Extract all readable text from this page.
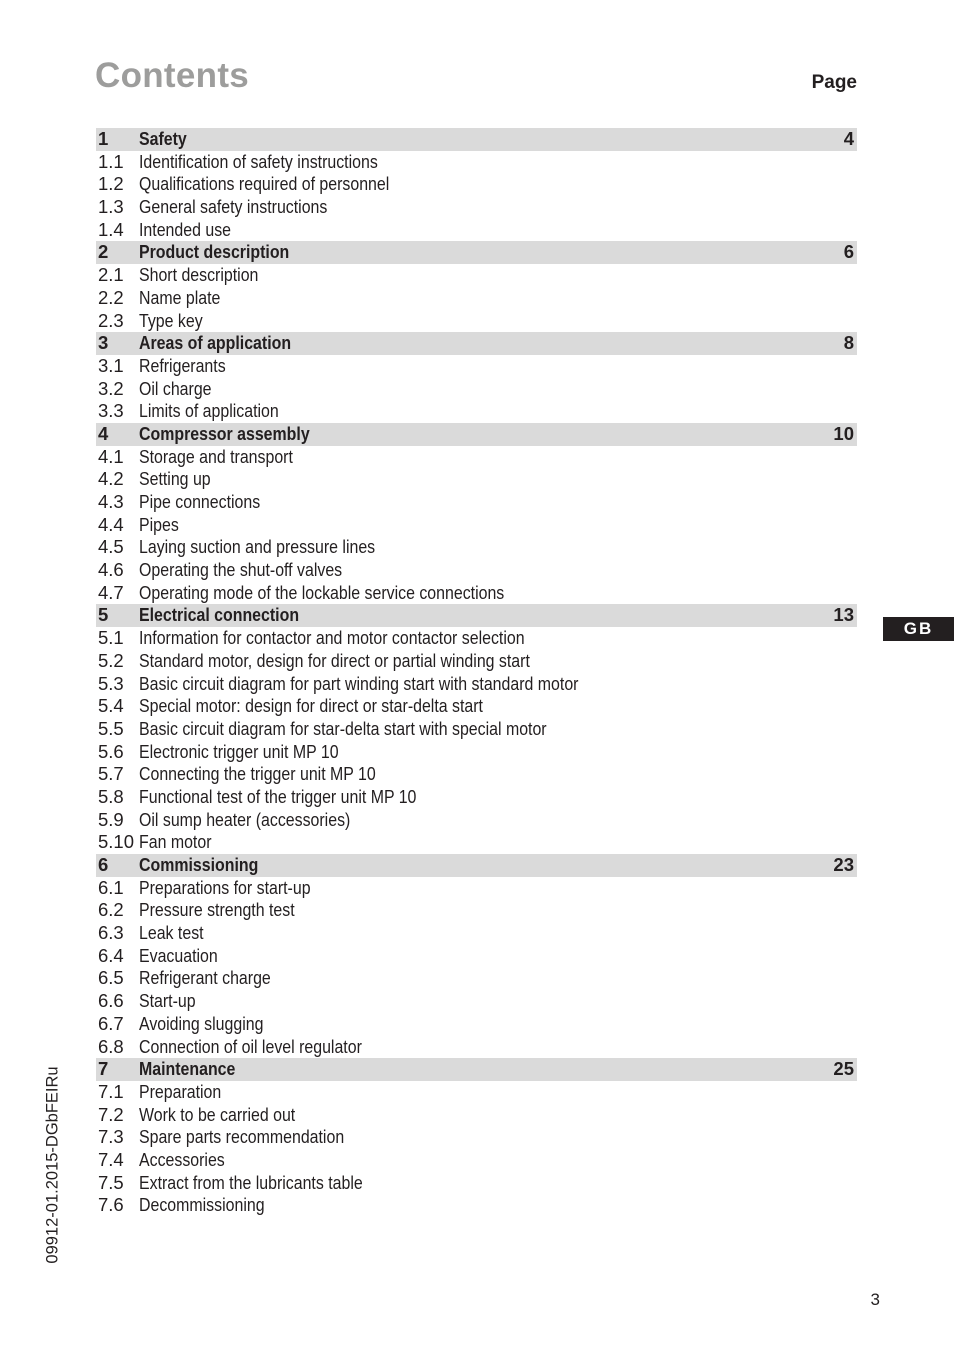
Contents	Page
1	Safety	4
1.1 Identification of safety instructions
1.2 Qualifications required of personnel
1.3 General safety instructions
1.4 Intended use
2	Product description	6
2.1 Short description
2.2 Name plate
2.3 Type key
3	Areas of application	8
3.1 Refrigerants
3.2 Oil charge
3.3 Limits of application
4	Compressor assembly	10
4.1 Storage and transport
4.2 Setting up
4.3 Pipe connections
4.4 Pipes
4.5 Laying suction and pressure lines
4.6 Operating the shut-off valves
4.7 Operating mode of the lockable service connections
5	Electrical connection	13
5.1 Information for contactor and motor contactor selection
5.2 Standard motor, design for direct or partial winding start
5.3 Basic circuit diagram for part winding start with standard motor
5.4 Special motor: design for direct or star-delta start
5.5 Basic circuit diagram for star-delta start with special motor
5.6 Electronic trigger unit MP 10
5.7 Connecting the trigger unit MP 10
5.8 Functional test of the trigger unit MP 10
5.9 Oil sump heater (accessories)
5.10 Fan motor
6	Commissioning	23
6.1 Preparations for start-up
6.2 Pressure strength test
6.3 Leak test
6.4 Evacuation
6.5 Refrigerant charge
6.6 Start-up
6.7 Avoiding slugging
6.8 Connection of oil level regulator
7	Maintenance	25
7.1 Preparation
7.2 Work to be carried out
7.3 Spare parts recommendation
7.4 Accessories
7.5 Extract from the lubricants table
7.6 Decommissioning
GB
09912-01.2015-DGbFEIRu
3
